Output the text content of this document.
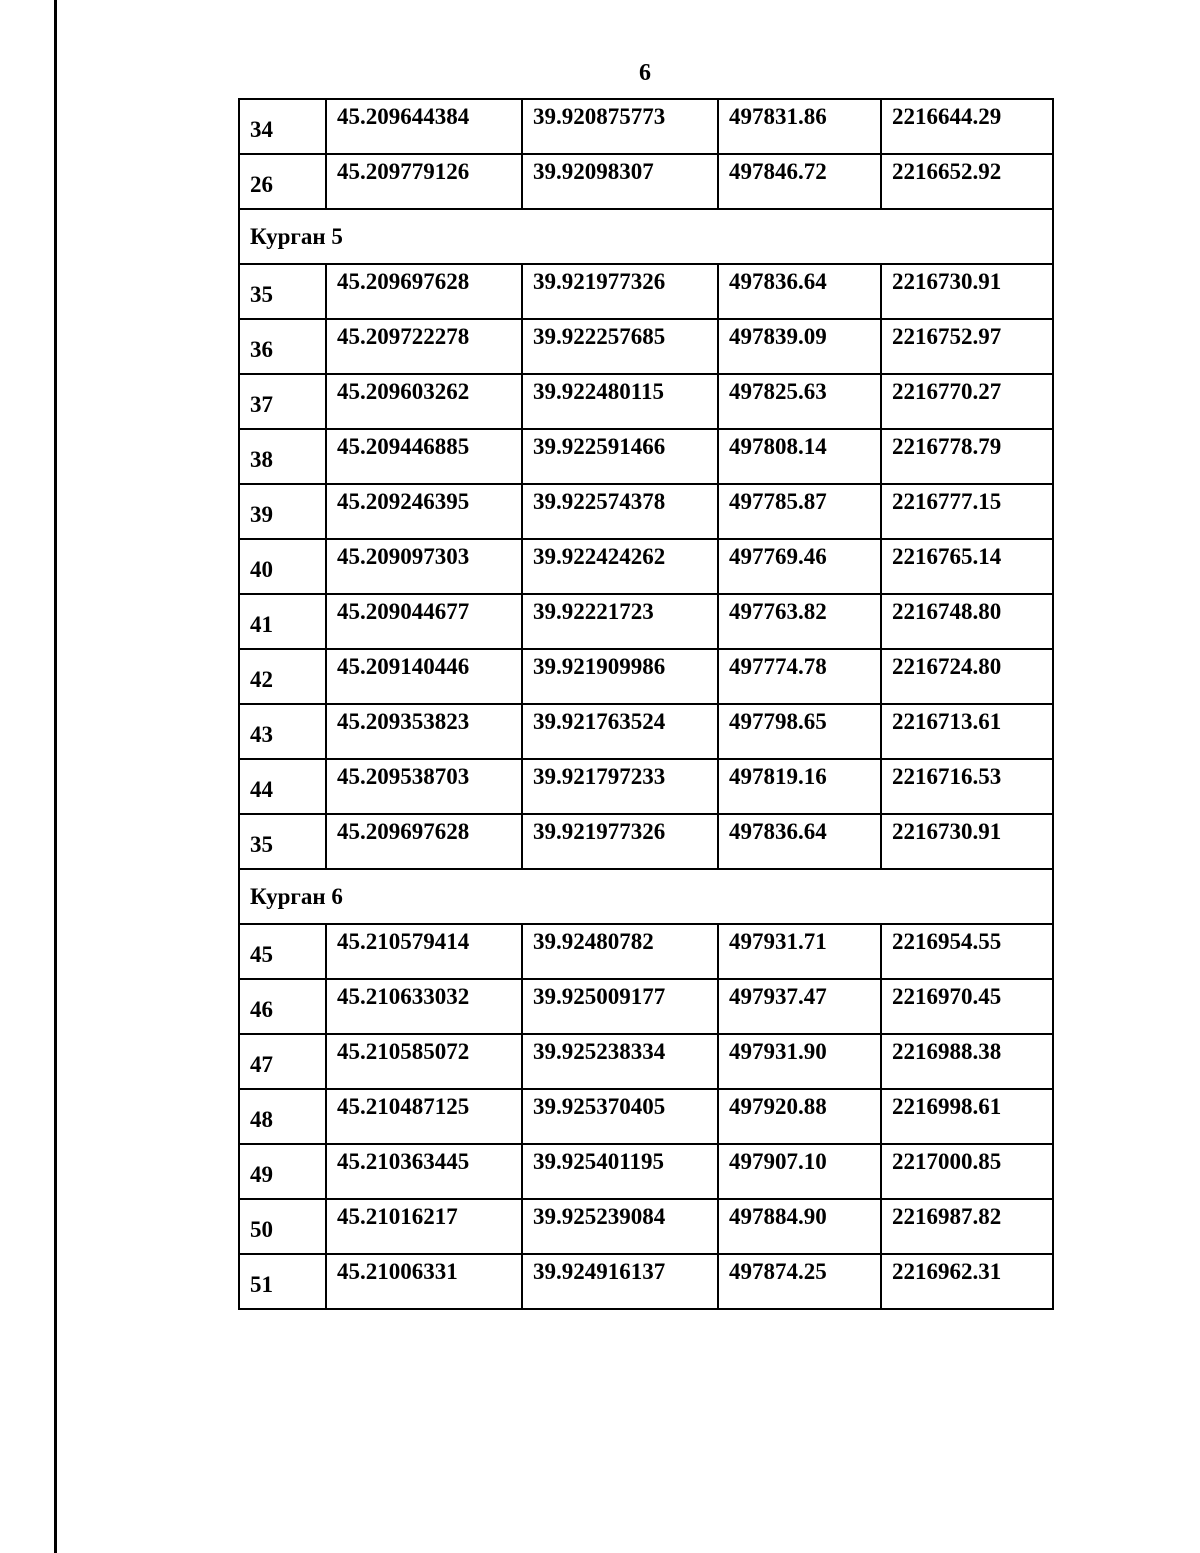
6
34	45.209644384	39.920875773	497831.86	2216644.29
26	45.209779126	39.92098307	497846.72	2216652.92
Курган 5				
35	45.209697628	39.921977326	497836.64	2216730.91
36	45.209722278	39.922257685	497839.09	2216752.97
37	45.209603262	39.922480115	497825.63	2216770.27
38	45.209446885	39.922591466	497808.14	2216778.79
39	45.209246395	39.922574378	497785.87	2216777.15
40	45.209097303	39.922424262	497769.46	2216765.14
41	45.209044677	39.92221723	497763.82	2216748.80
42	45.209140446	39.921909986	497774.78	2216724.80
43	45.209353823	39.921763524	497798.65	2216713.61
44	45.209538703	39.921797233	497819.16	2216716.53
35	45.209697628	39.921977326	497836.64	2216730.91
Курган 6				
45	45.210579414	39.92480782	497931.71	2216954.55
46	45.210633032	39.925009177	497937.47	2216970.45
47	45.210585072	39.925238334	497931.90	2216988.38
48	45.210487125	39.925370405	497920.88	2216998.61
49	45.210363445	39.925401195	497907.10	2217000.85
50	45.21016217	39.925239084	497884.90	2216987.82
51	45.21006331	39.924916137	497874.25	2216962.31
